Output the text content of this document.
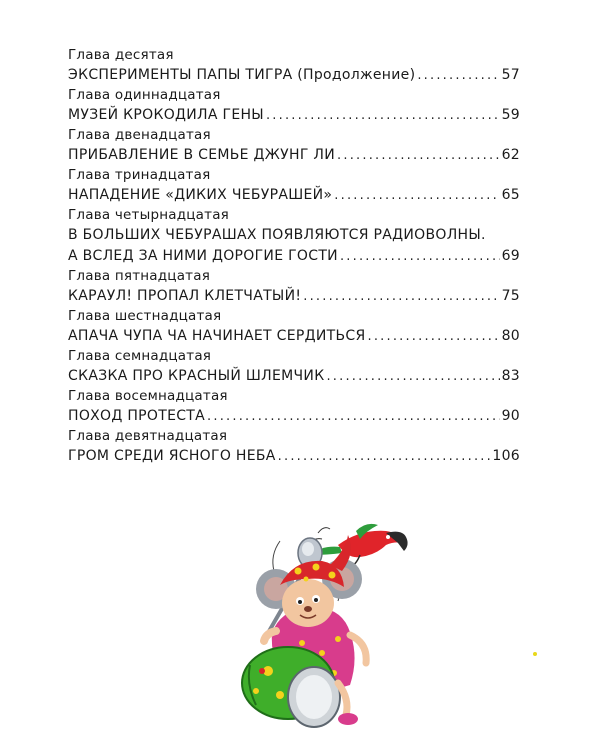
Глава десятая
ЭКСПЕРИМЕНТЫ ПАПЫ ТИГРА (Продолжение) .....	57
Глава одиннадцатая
МУЗЕЙ КРОКОДИЛА ГЕНЫ .....	59
Глава двенадцатая
ПРИБАВЛЕНИЕ В СЕМЬЕ ДЖУНГ ЛИ .....	62
Глава тринадцатая
НАПАДЕНИЕ «ДИКИХ ЧЕБУРАШЕЙ» .....	65
Глава четырнадцатая
В БОЛЬШИХ ЧЕБУРАШАХ ПОЯВЛЯЮТСЯ РАДИОВОЛНЫ.
А ВСЛЕД ЗА НИМИ ДОРОГИЕ ГОСТИ .....	69
Глава пятнадцатая
КАРАУЛ! ПРОПАЛ КЛЕТЧАТЫЙ! .....	75
Глава шестнадцатая
АПАЧА ЧУПА ЧА НАЧИНАЕТ СЕРДИТЬСЯ .....	80
Глава семнадцатая
СКАЗКА ПРО КРАСНЫЙ ШЛЕМЧИК .....	83
Глава восемнадцатая
ПОХОД ПРОТЕСТА .....	90
Глава девятнадцатая
ГРОМ СРЕДИ ЯСНОГО НЕБА .....	106
